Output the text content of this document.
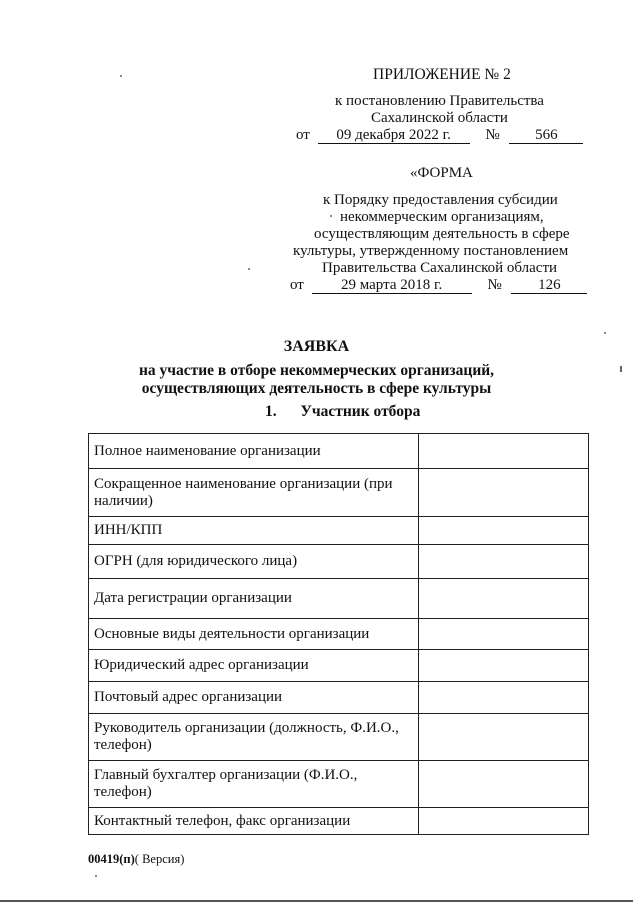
ПРИЛОЖЕНИЕ № 2
к постановлению Правительства
Сахалинской области
от 09 декабря 2022 г. № 566
«ФОРМА
к Порядку предоставления субсидии
некоммерческим организациям,
осуществляющим деятельность в сфере
культуры, утвержденному постановлением
Правительства Сахалинской области
от 29 марта 2018 г.	№ 126
ЗАЯВКА
на участие в отборе некоммерческих организаций,
осуществляющих деятельность в сфере культуры
1. Участник отбора
Полное наименование организации	
Сокращенное наименование организации (при наличии)	
ИНН/КПП	
ОГРН (для юридического лица)	
Дата регистрации организации	
Основные виды деятельности организации	
Юридический адрес организации	
Почтовый адрес организации	
Руководитель организации (должность, Ф.И.О., телефон)	
Главный бухгалтер организации (Ф.И.О., телефон)	
Контактный телефон, факс организации	
00419(п)( Версия)
